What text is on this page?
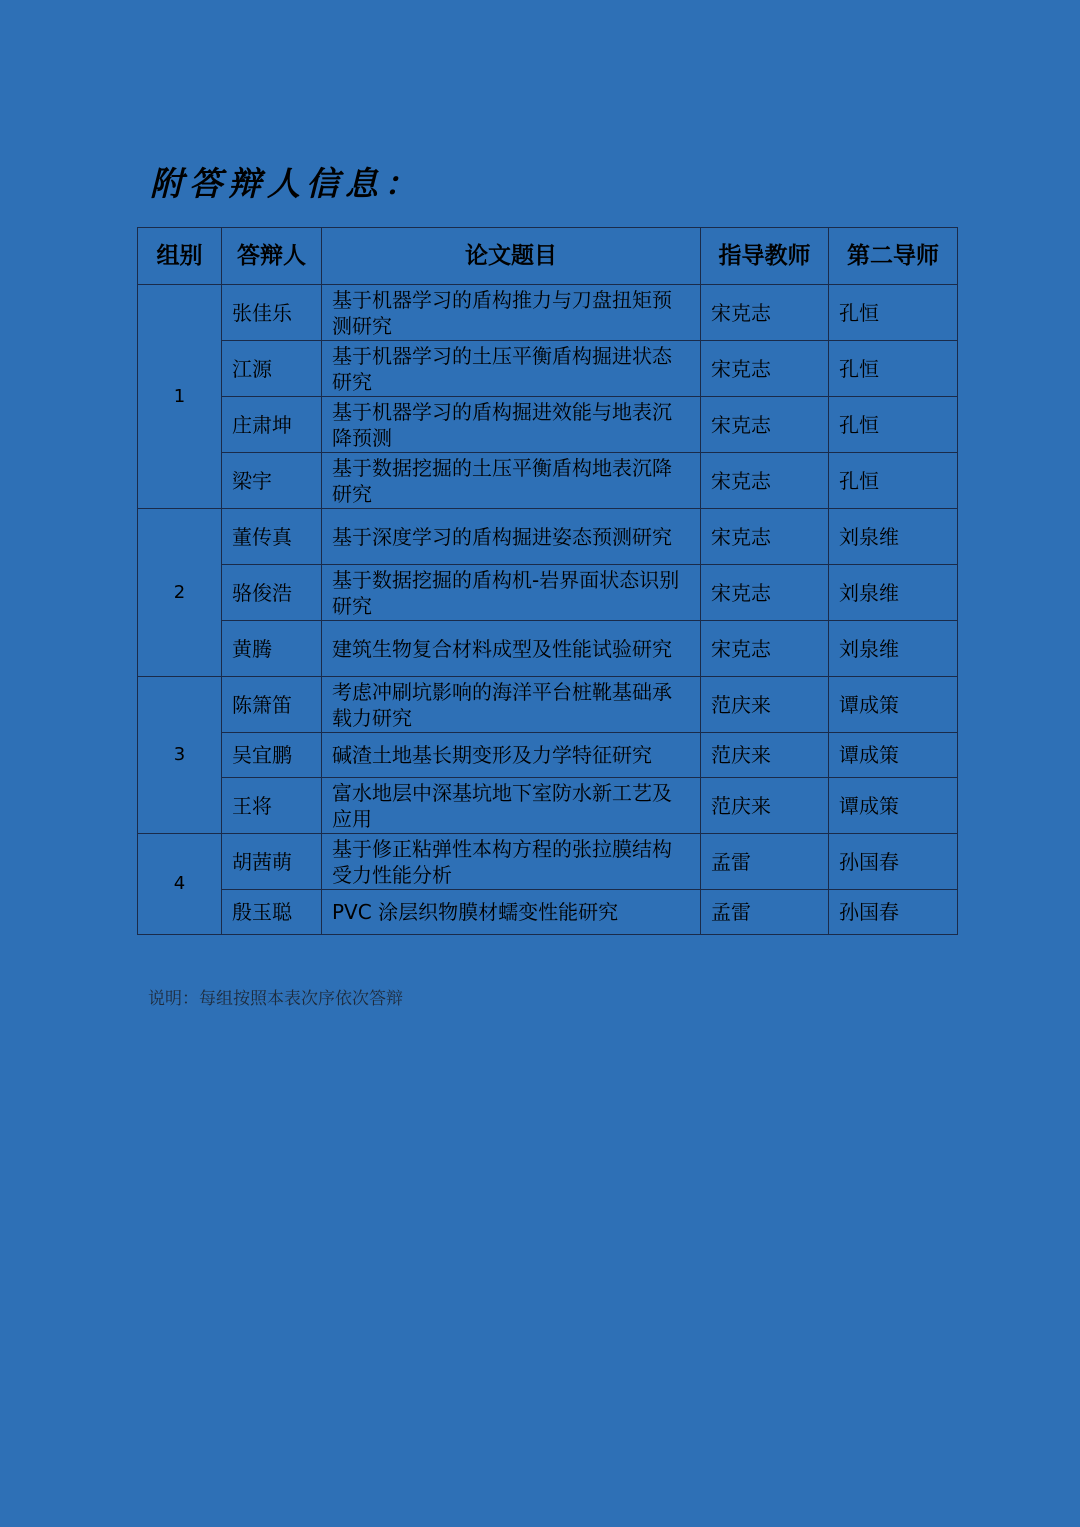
附答辩人信息：
组别	答辩人	论文题目	指导教师	第二导师
1	张佳乐	基于机器学习的盾构推力与刀盘扭矩预测研究	宋克志	孔恒
	江源	基于机器学习的土压平衡盾构掘进状态研究	宋克志	孔恒
	庄肃坤	基于机器学习的盾构掘进效能与地表沉降预测	宋克志	孔恒
	梁宇	基于数据挖掘的土压平衡盾构地表沉降研究	宋克志	孔恒
2	董传真	基于深度学习的盾构掘进姿态预测研究	宋克志	刘泉维
	骆俊浩	基于数据挖掘的盾构机-岩界面状态识别研究	宋克志	刘泉维
	黄腾	建筑生物复合材料成型及性能试验研究	宋克志	刘泉维
3	陈箫笛	考虑冲刷坑影响的海洋平台桩靴基础承载力研究	范庆来	谭成策
	吴宜鹏	碱渣土地基长期变形及力学特征研究	范庆来	谭成策
	王将	富水地层中深基坑地下室防水新工艺及应用	范庆来	谭成策
4	胡茜萌	基于修正粘弹性本构方程的张拉膜结构受力性能分析	孟雷	孙国春
	殷玉聪	PVC 涂层织物膜材蠕变性能研究	孟雷	孙国春
说明：每组按照本表次序依次答辩
